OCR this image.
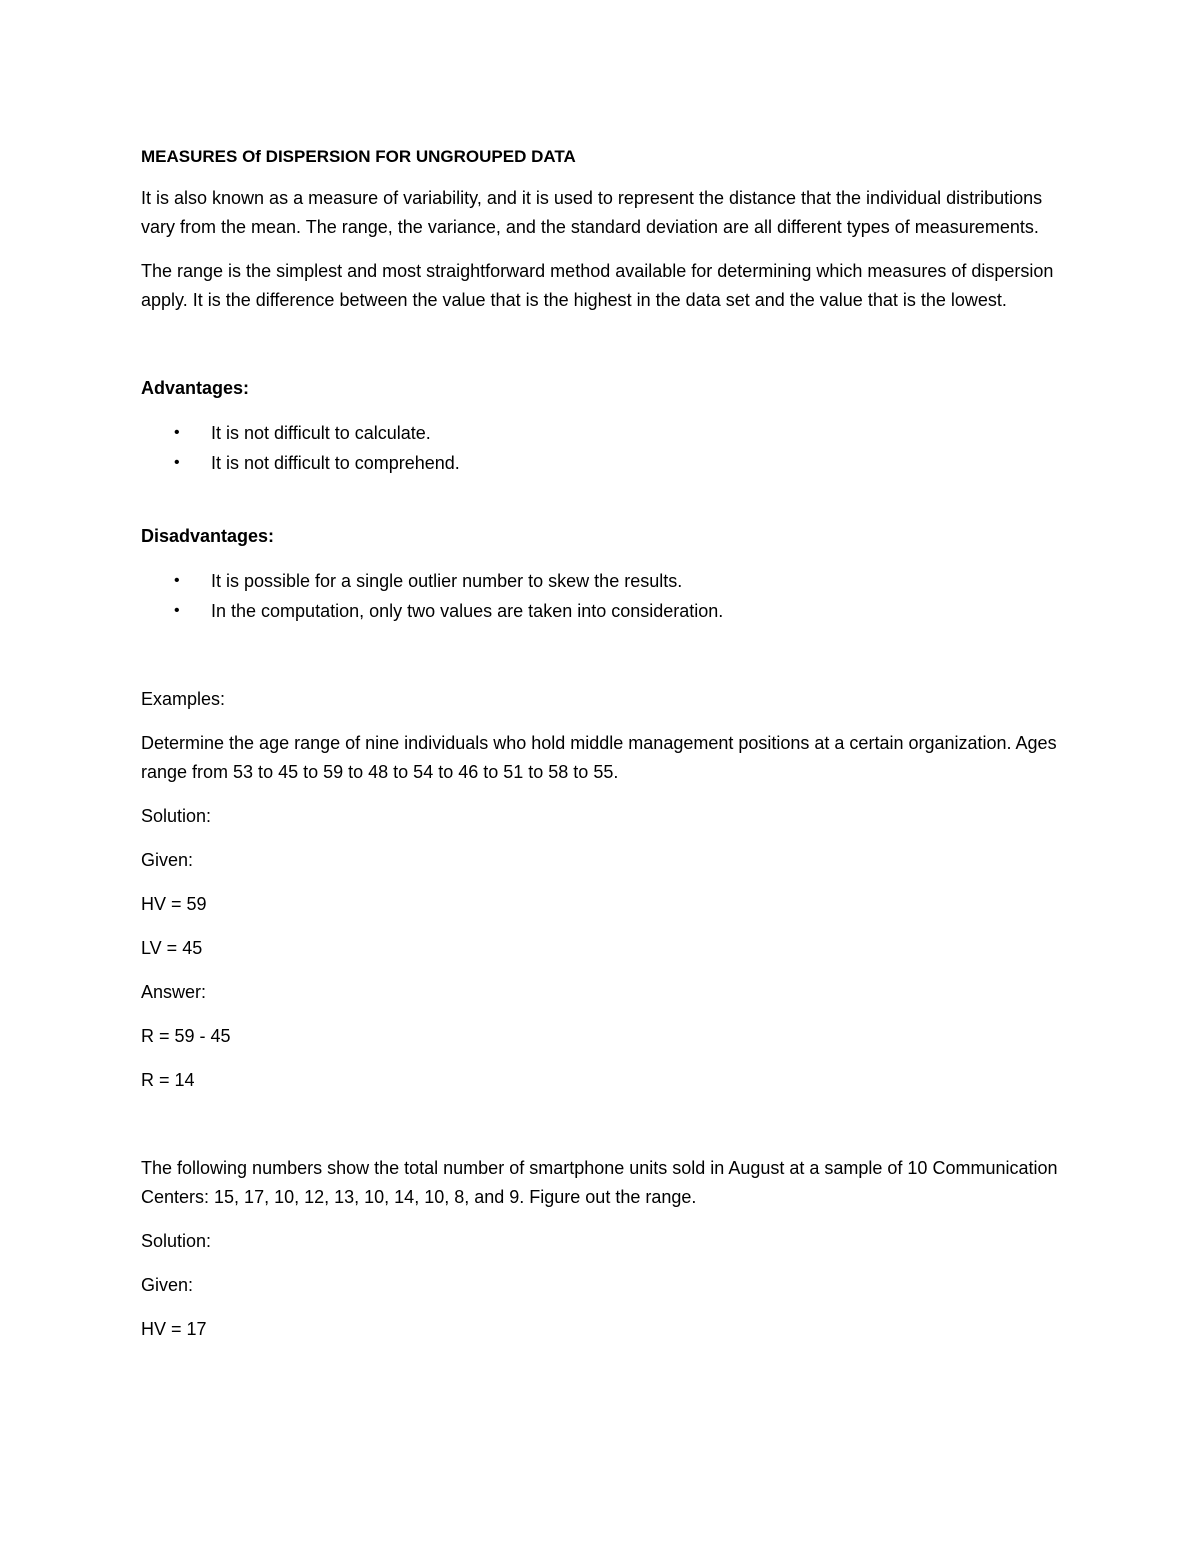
MEASURES Of DISPERSION FOR UNGROUPED DATA

It is also known as a measure of variability, and it is used to represent the distance that the individual distributions vary from the mean. The range, the variance, and the standard deviation are all different types of measurements.

The range is the simplest and most straightforward method available for determining which measures of dispersion apply. It is the difference between the value that is the highest in the data set and the value that is the lowest.

Advantages:
• It is not difficult to calculate.
• It is not difficult to comprehend.
Disadvantages:
• It is possible for a single outlier number to skew the results.
• In the computation, only two values are taken into consideration.

Examples:

Determine the age range of nine individuals who hold middle management positions at a certain organization. Ages range from 53 to 45 to 59 to 48 to 54 to 46 to 51 to 58 to 55.

Solution:

Given:

HV = 59

LV = 45

Answer:

R = 59 - 45

R = 14

The following numbers show the total number of smartphone units sold in August at a sample of 10 Communication Centers: 15, 17, 10, 12, 13, 10, 14, 10, 8, and 9. Figure out the range.

Solution:

Given:

HV = 17
